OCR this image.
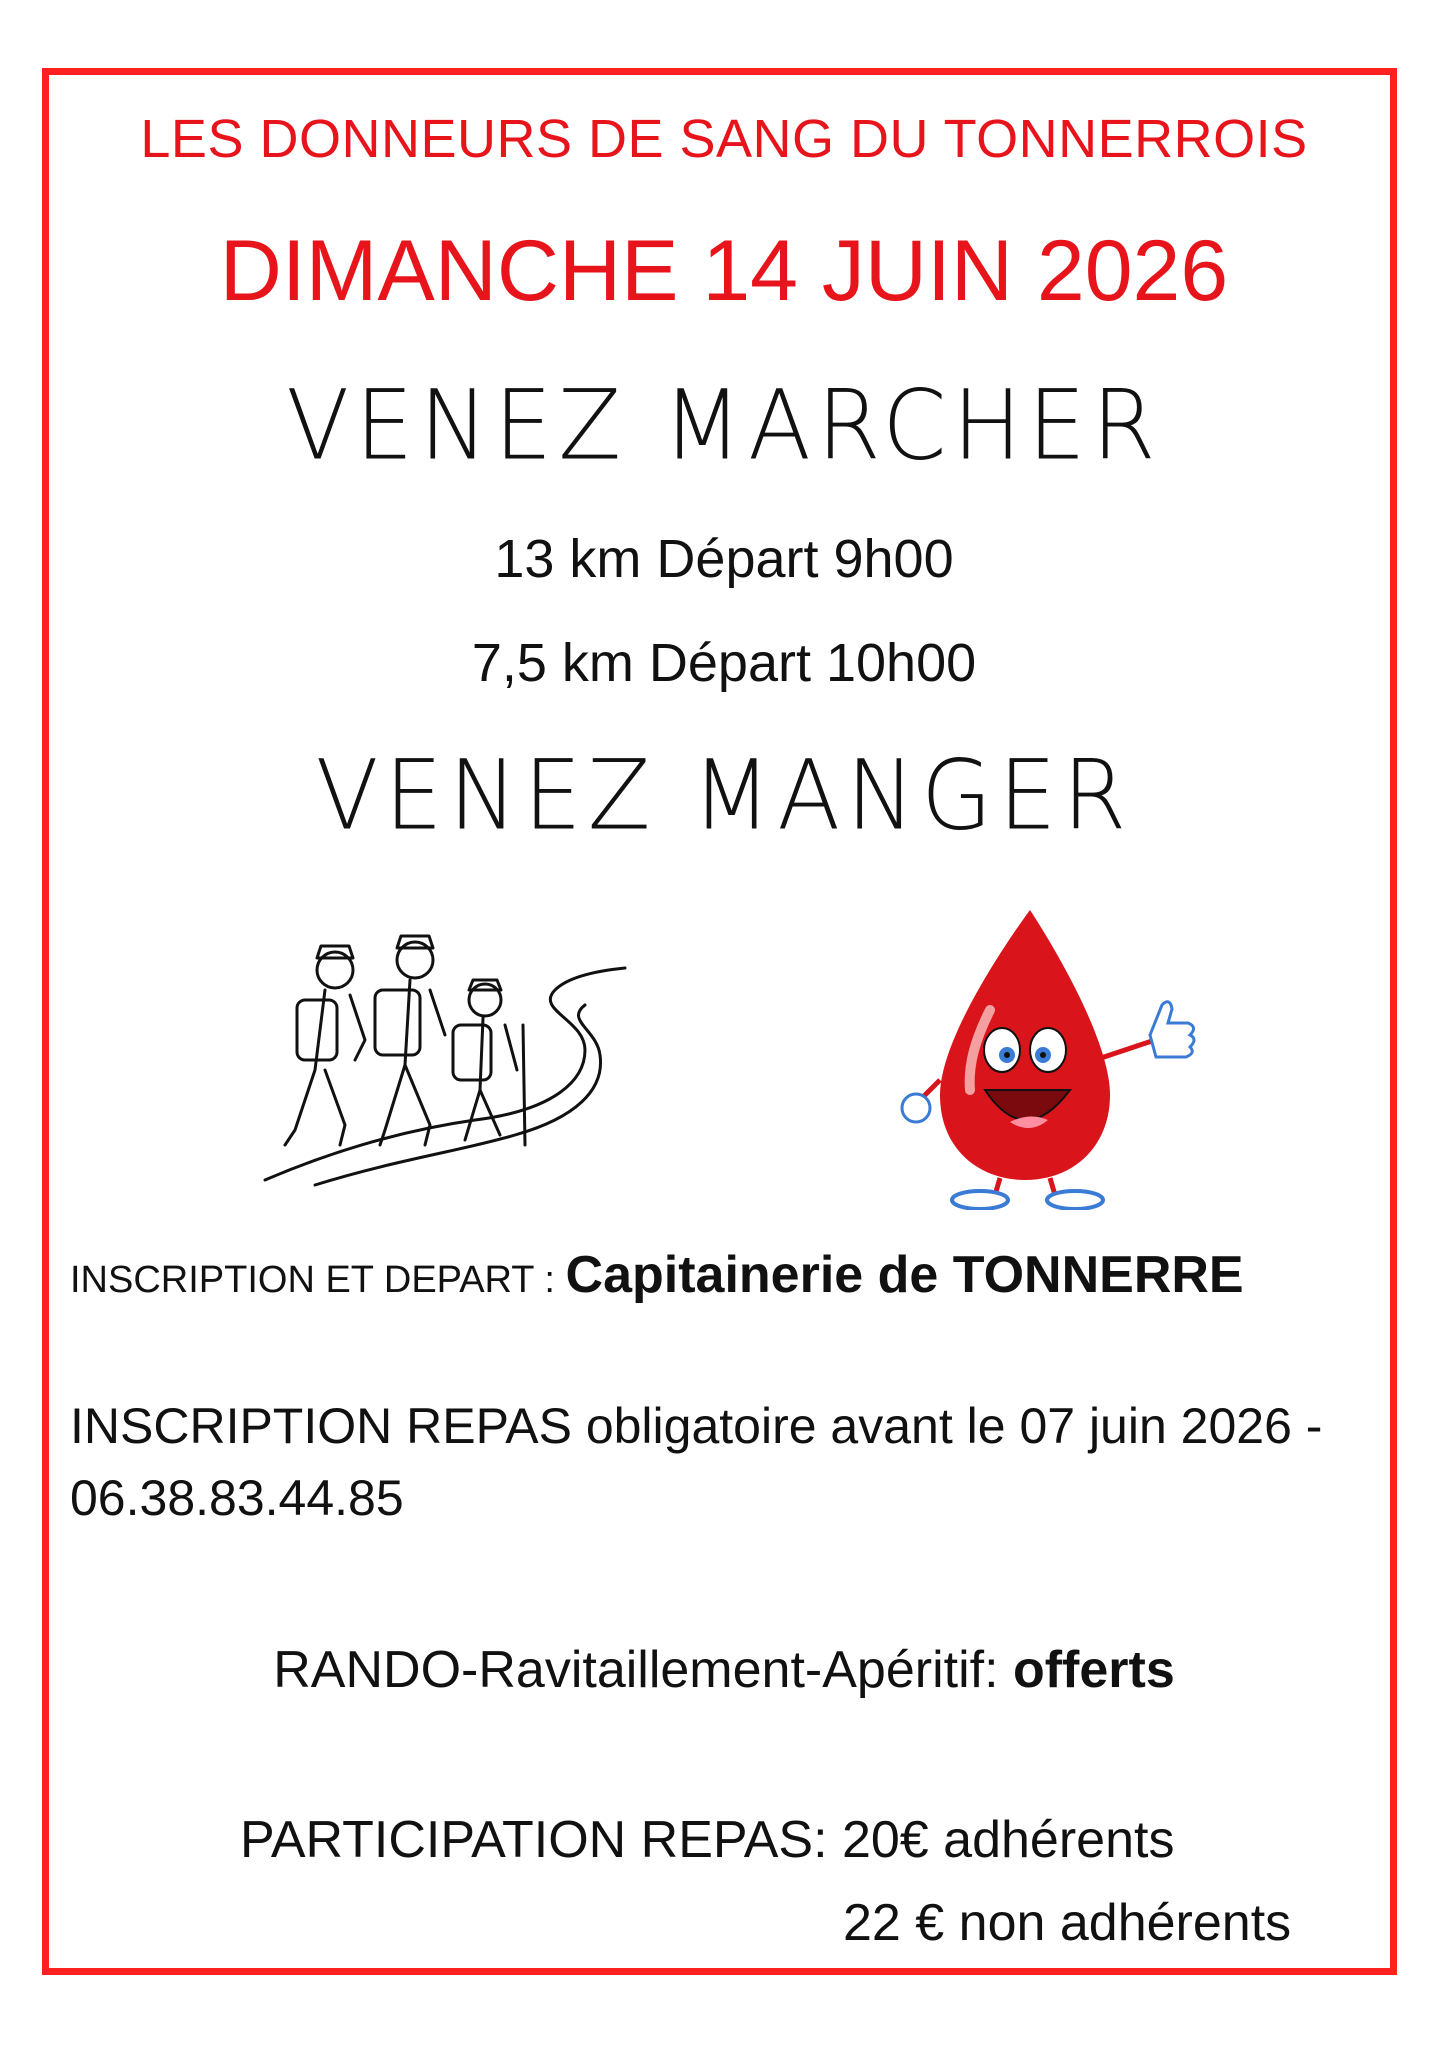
LES DONNEURS DE SANG DU TONNERROIS
DIMANCHE 14 JUIN 2026
VENEZ MARCHER
13 km Départ 9h00
7,5 km Départ 10h00
VENEZ MANGER
INSCRIPTION ET DEPART : Capitainerie de TONNERRE
INSCRIPTION REPAS obligatoire avant le 07 juin 2026 - 06.38.83.44.85
RANDO-Ravitaillement-Apéritif: offerts
PARTICIPATION REPAS: 20€ adhérents
22 € non adhérents
